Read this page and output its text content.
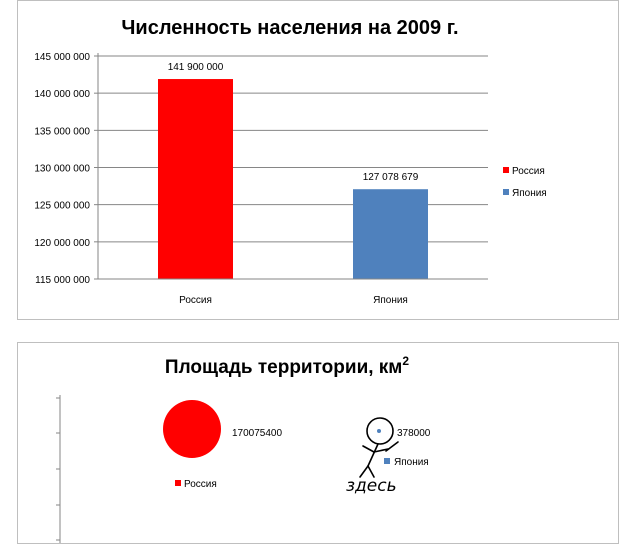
Численность населения на 2009 г.
115 000 000
120 000 000
125 000 000
130 000 000
135 000 000
140 000 000
145 000 000
141 900 000
127 078 679
Россия	Япония
Россия
Япония
Площадь территории, $км^2$
170075400	378000
Япония
Россия	здесь
